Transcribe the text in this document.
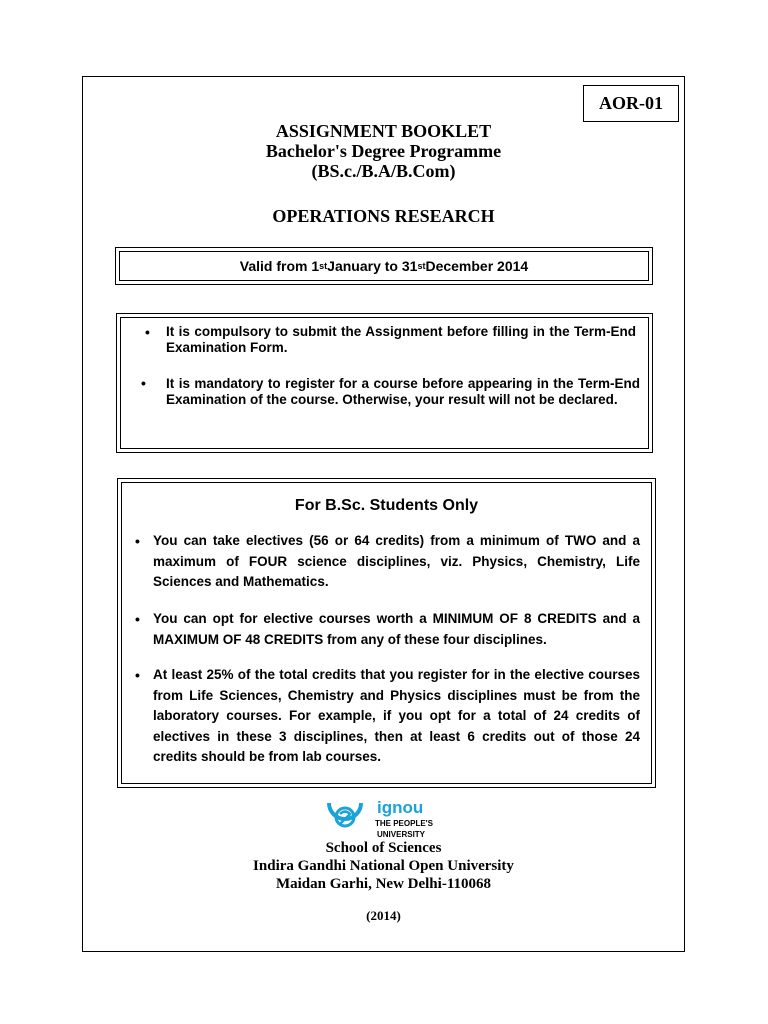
AOR-01
ASSIGNMENT BOOKLET
Bachelor's Degree Programme
(BS.c./B.A/B.Com)
OPERATIONS RESEARCH
Valid from 1 st January to 31 st December 2014
• It is compulsory to submit the Assignment before filling in the Term-End Examination Form.
• It is mandatory to register for a course before appearing in the Term-End Examination of the course. Otherwise, your result will not be declared.
For B.Sc. Students Only
• You can take electives (56 or 64 credits) from a minimum of TWO and a maximum of FOUR science disciplines, viz. Physics, Chemistry, Life Sciences and Mathematics.
• You can opt for elective courses worth a MINIMUM OF 8 CREDITS and a MAXIMUM OF 48 CREDITS from any of these four disciplines.
• At least 25% of the total credits that you register for in the elective courses from Life Sciences, Chemistry and Physics disciplines must be from the laboratory courses. For example, if you opt for a total of 24 credits of electives in these 3 disciplines, then at least 6 credits out of those 24 credits should be from lab courses.
ignou
THE PEOPLE'S
UNIVERSITY
School of Sciences
Indira Gandhi National Open University
Maidan Garhi, New Delhi-110068
(2014)
